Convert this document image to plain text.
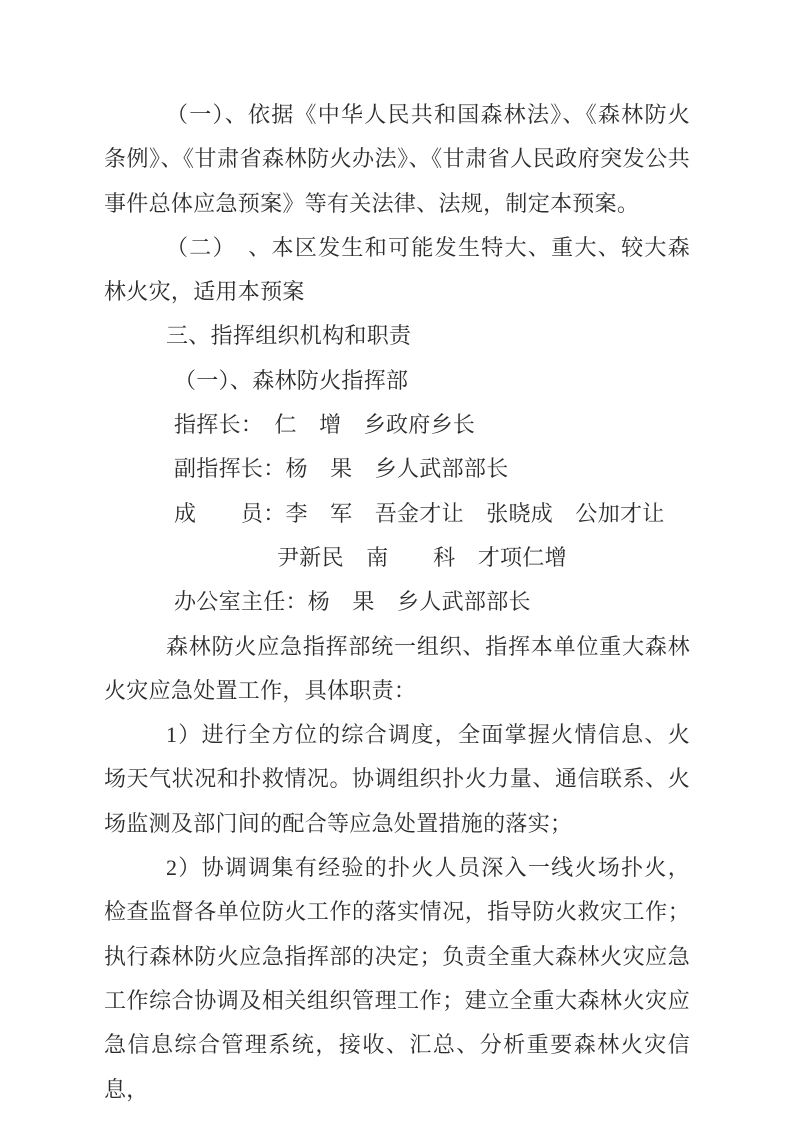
（一）、依据《中华人民共和国森林法》、《森林防火条例》、《甘肃省森林防火办法》、《甘肃省人民政府突发公共事件总体应急预案》等有关法律、法规，制定本预案。

（二）　、本区发生和可能发生特大、重大、较大森林火灾，适用本预案

三、指挥组织机构和职责

（一）、森林防火指挥部

指挥长：　仁　增　乡政府乡长

副指挥长：杨　果　乡人武部部长

成　　员：李　军　吾金才让　张晓成　公加才让

尹新民　南　　科　才项仁增

办公室主任：杨　果　乡人武部部长

森林防火应急指挥部统一组织、指挥本单位重大森林火灾应急处置工作，具体职责：

1）进行全方位的综合调度，全面掌握火情信息、火场天气状况和扑救情况。协调组织扑火力量、通信联系、火场监测及部门间的配合等应急处置措施的落实；

2）协调调集有经验的扑火人员深入一线火场扑火，检查监督各单位防火工作的落实情况，指导防火救灾工作；执行森林防火应急指挥部的决定；负责全重大森林火灾应急工作综合协调及相关组织管理工作；建立全重大森林火灾应急信息综合管理系统，接收、汇总、分析重要森林火灾信息，
